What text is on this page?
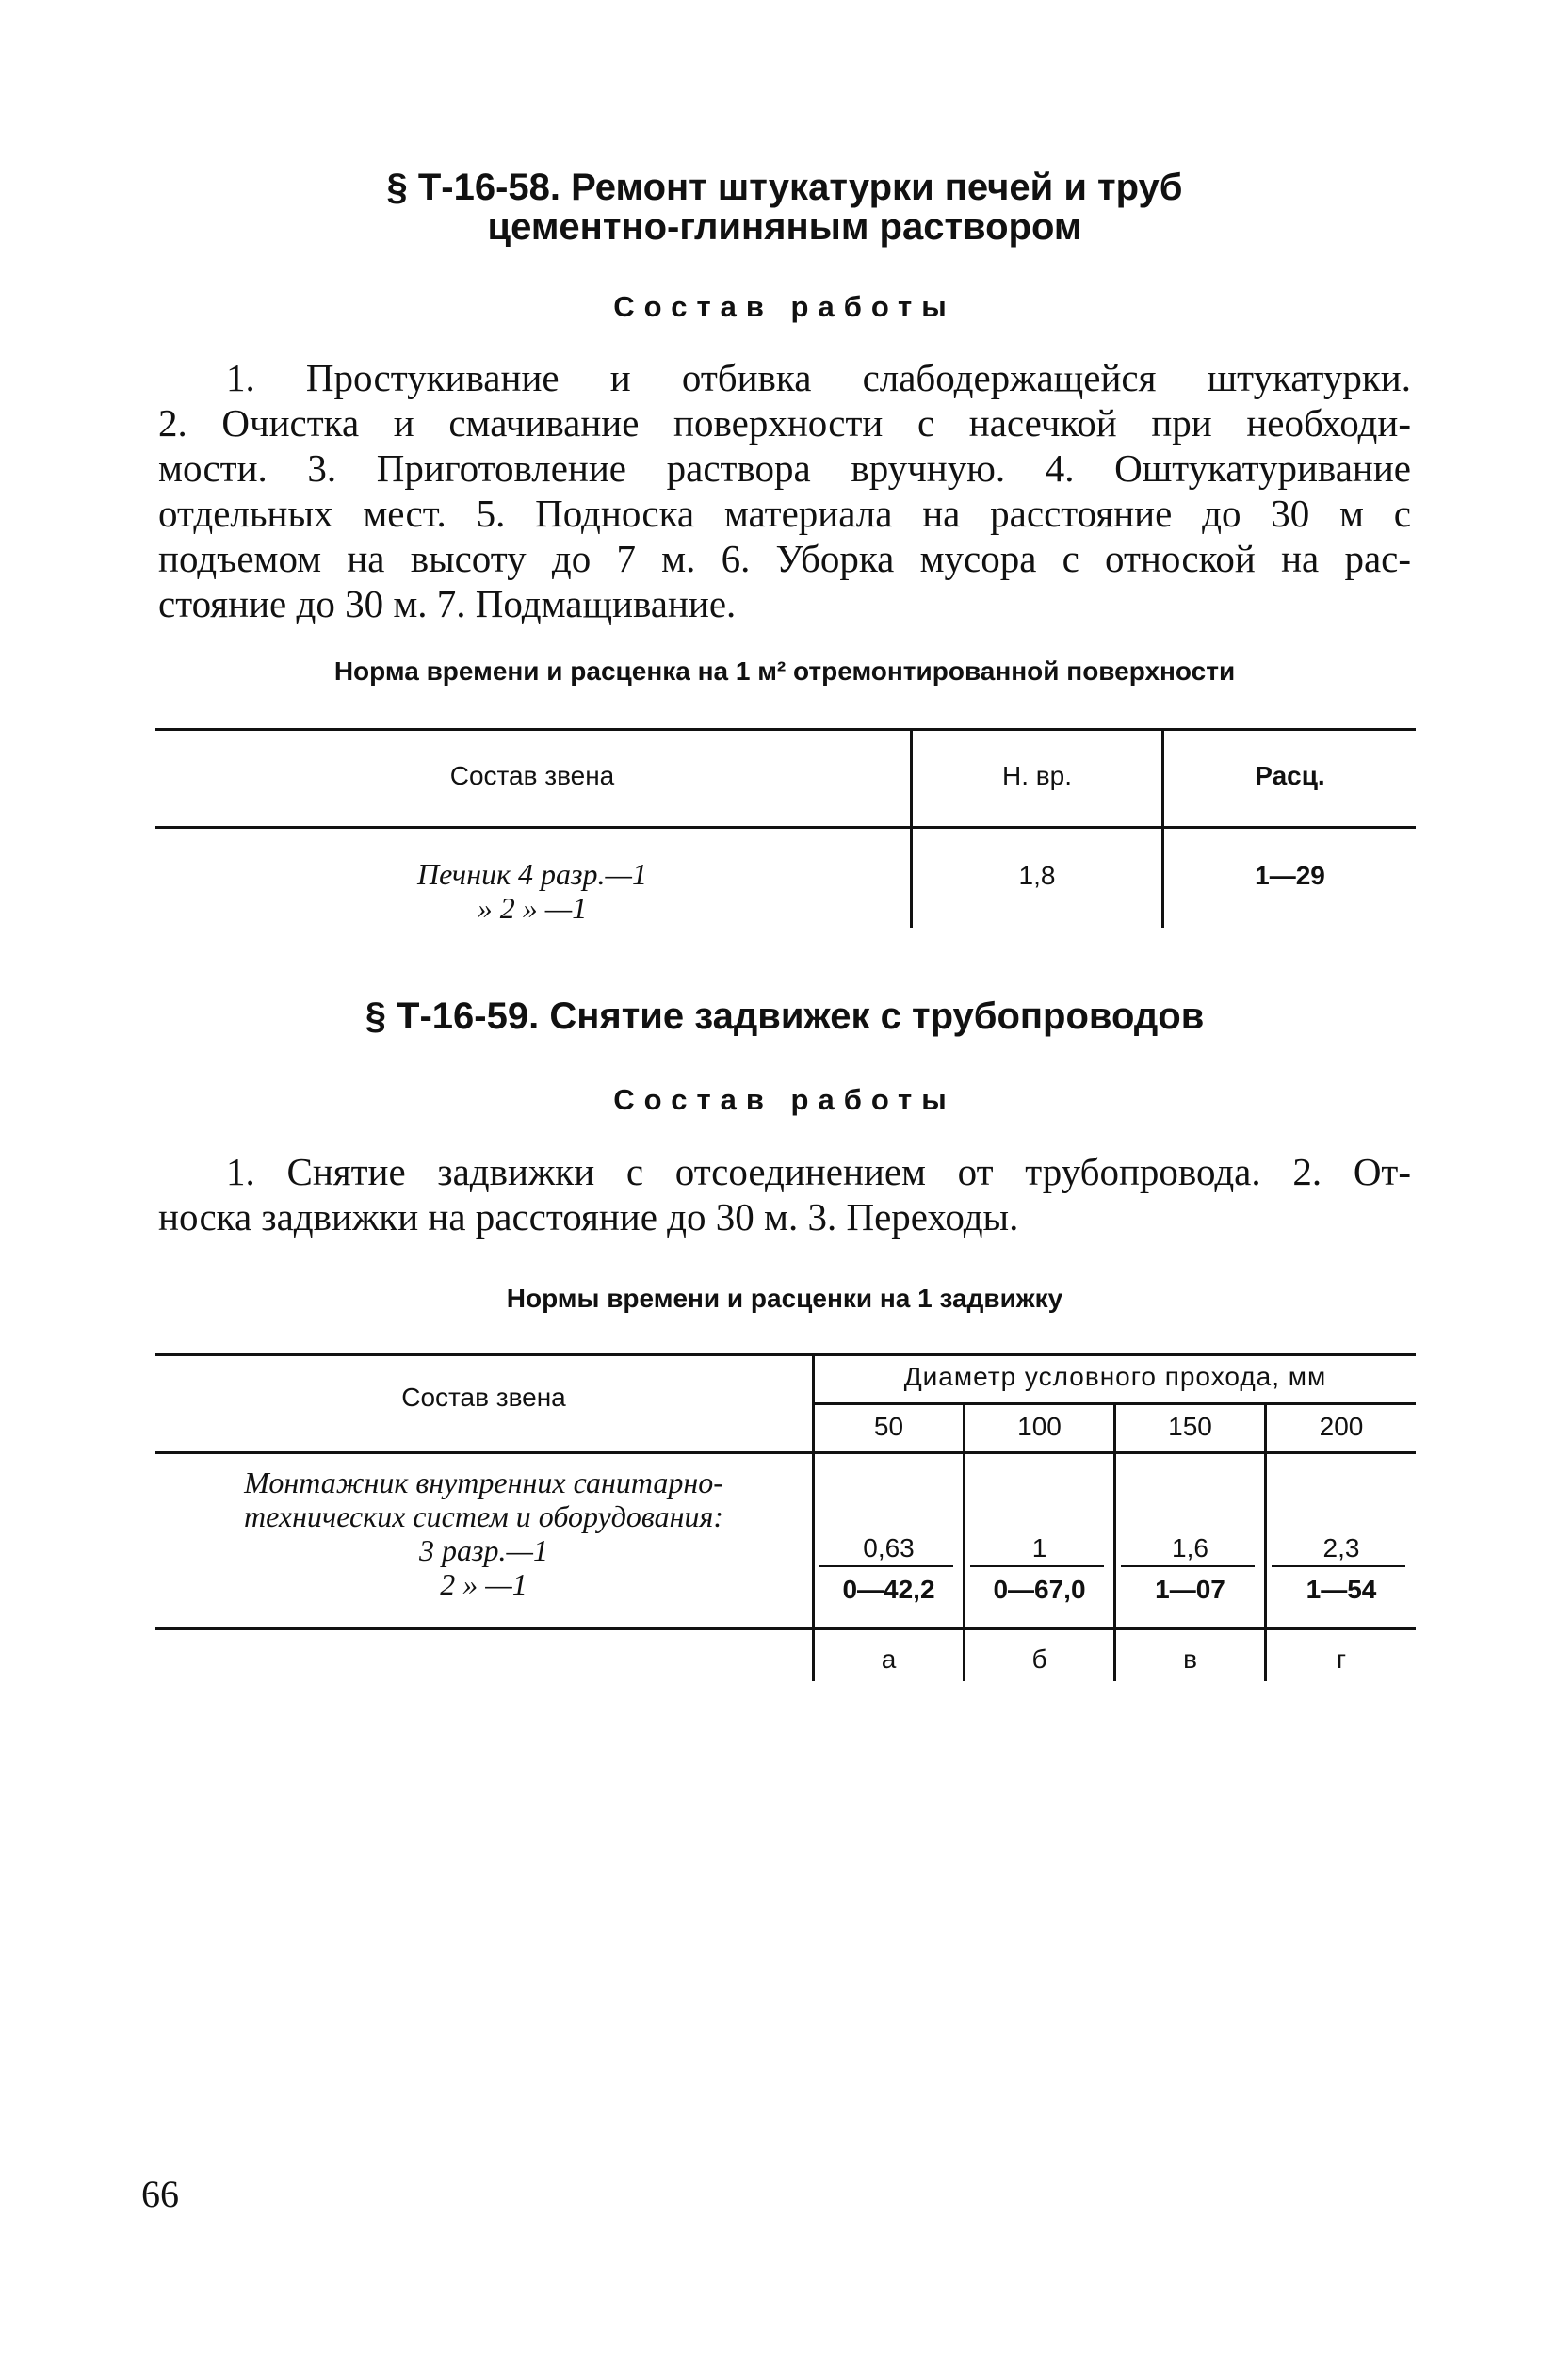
§ Т-16-58. Ремонт штукатурки печей и труб
цементно-глиняным раствором
Состав работы
1. Простукивание и отбивка слабодержащейся штукатурки.
2. Очистка и смачивание поверхности с насечкой при необходи-
мости. 3. Приготовление раствора вручную. 4. Оштукатуривание
отдельных мест. 5. Подноска материала на расстояние до 30 м с
подъемом на высоту до 7 м. 6. Уборка мусора с отноской на рас-
стояние до 30 м. 7. Подмащивание.
Норма времени и расценка на 1 м² отремонтированной поверхности
Состав звена	Н. вр.	Расц.
Печник 4 разр.—1
» 2 » —1
1,8	1—29
§ Т-16-59. Снятие задвижек с трубопроводов
Состав работы
1. Снятие задвижки с отсоединением от трубопровода. 2. От-
носка задвижки на расстояние до 30 м. 3. Переходы.
Нормы времени и расценки на 1 задвижку
Состав звена
Диаметр условного прохода, мм
50	100	150	200
Монтажник внутренних санитарно-
технических систем и оборудования:
3 разр.—1
2 » —1
0,63	1	1,6	2,3
0—42,2	0—67,0	1—07	1—54
а	б	в	г
66
